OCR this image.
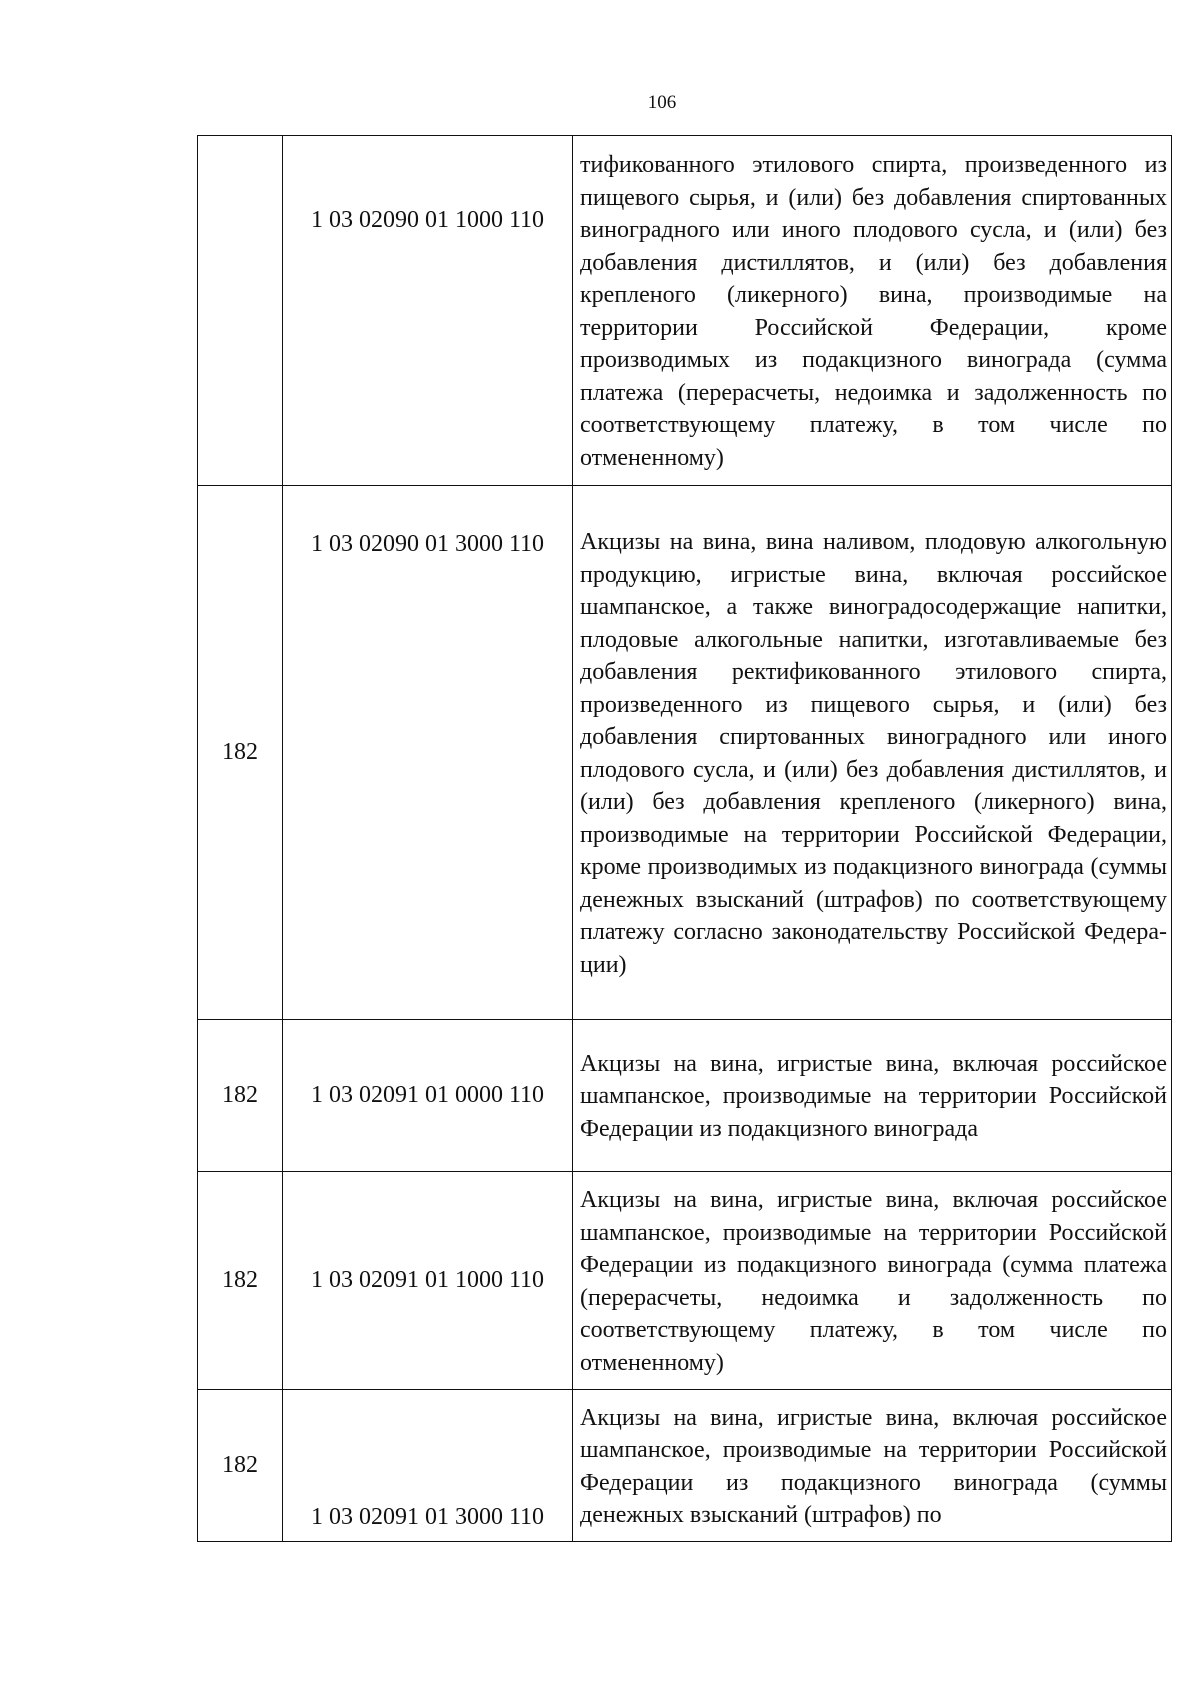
106
	1 03 02090 01 1000 110	тификованного этилового спирта, произведенного из пищевого сырья, и (или) без добавления спиртованных виноградного или иного плодового сусла, и (или) без добавления дистиллятов, и (или) без добавления крепленого (ликерного) вина, производимые на территории Российской Федерации, кроме производимых из подакцизного винограда (сумма платежа (перерасчеты, недоимка и задолженность по соответствующему платежу, в том числе по отмененному)

182	1 03 02090 01 3000 110	Акцизы на вина, вина наливом, плодовую алкогольную продукцию, игристые вина, включая российское шампанское, а также виноградосодержащие напитки, плодовые алкогольные напитки, изготавливаемые без добавления ректификованного этилового спирта, произведенного из пищевого сырья, и (или) без добавления спиртованных виноградного или иного плодового сусла, и (или) без добавления дистиллятов, и (или) без добавления крепленого (ликерного) вина, производимые на территории Российской Федерации, кроме производимых из подакцизного винограда (суммы денежных взысканий (штрафов) по соответствующему платежу согласно законодательству Российской Федерации)

182	1 03 02091 01 0000 110	Акцизы на вина, игристые вина, включая российское шампанское, производимые на территории Российской Федерации из подакцизного винограда

182	1 03 02091 01 1000 110	Акцизы на вина, игристые вина, включая российское шампанское, производимые на территории Российской Федерации из подакцизного винограда (сумма платежа (перерасчеты, недоимка и задолженность по соответствующему платежу, в том числе по отмененному)

182	1 03 02091 01 3000 110	Акцизы на вина, игристые вина, включая российское шампанское, производимые на территории Российской Федерации из подакцизного винограда (суммы денежных взысканий (штрафов) по
